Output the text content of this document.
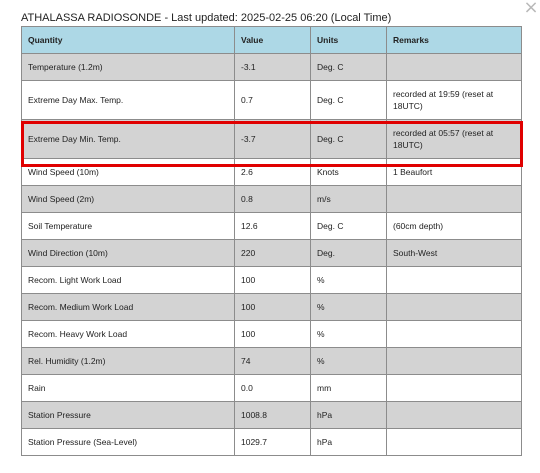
×
ATHALASSA RADIOSONDE - Last updated: 2025-02-25 06:20 (Local Time)
Quantity	Value	Units	Remarks
Temperature (1.2m)	-3.1	Deg. C	
Extreme Day Max. Temp.	0.7	Deg. C	recorded at 19:59 (reset at 18UTC)
Extreme Day Min. Temp.	-3.7	Deg. C	recorded at 05:57 (reset at 18UTC)
Wind Speed (10m)	2.6	Knots	1 Beaufort
Wind Speed (2m)	0.8	m/s	
Soil Temperature	12.6	Deg. C	(60cm depth)
Wind Direction (10m)	220	Deg.	South-West
Recom. Light Work Load	100	%	
Recom. Medium Work Load	100	%	
Recom. Heavy Work Load	100	%	
Rel. Humidity (1.2m)	74	%	
Rain	0.0	mm	
Station Pressure	1008.8	hPa	
Station Pressure (Sea-Level)	1029.7	hPa	
